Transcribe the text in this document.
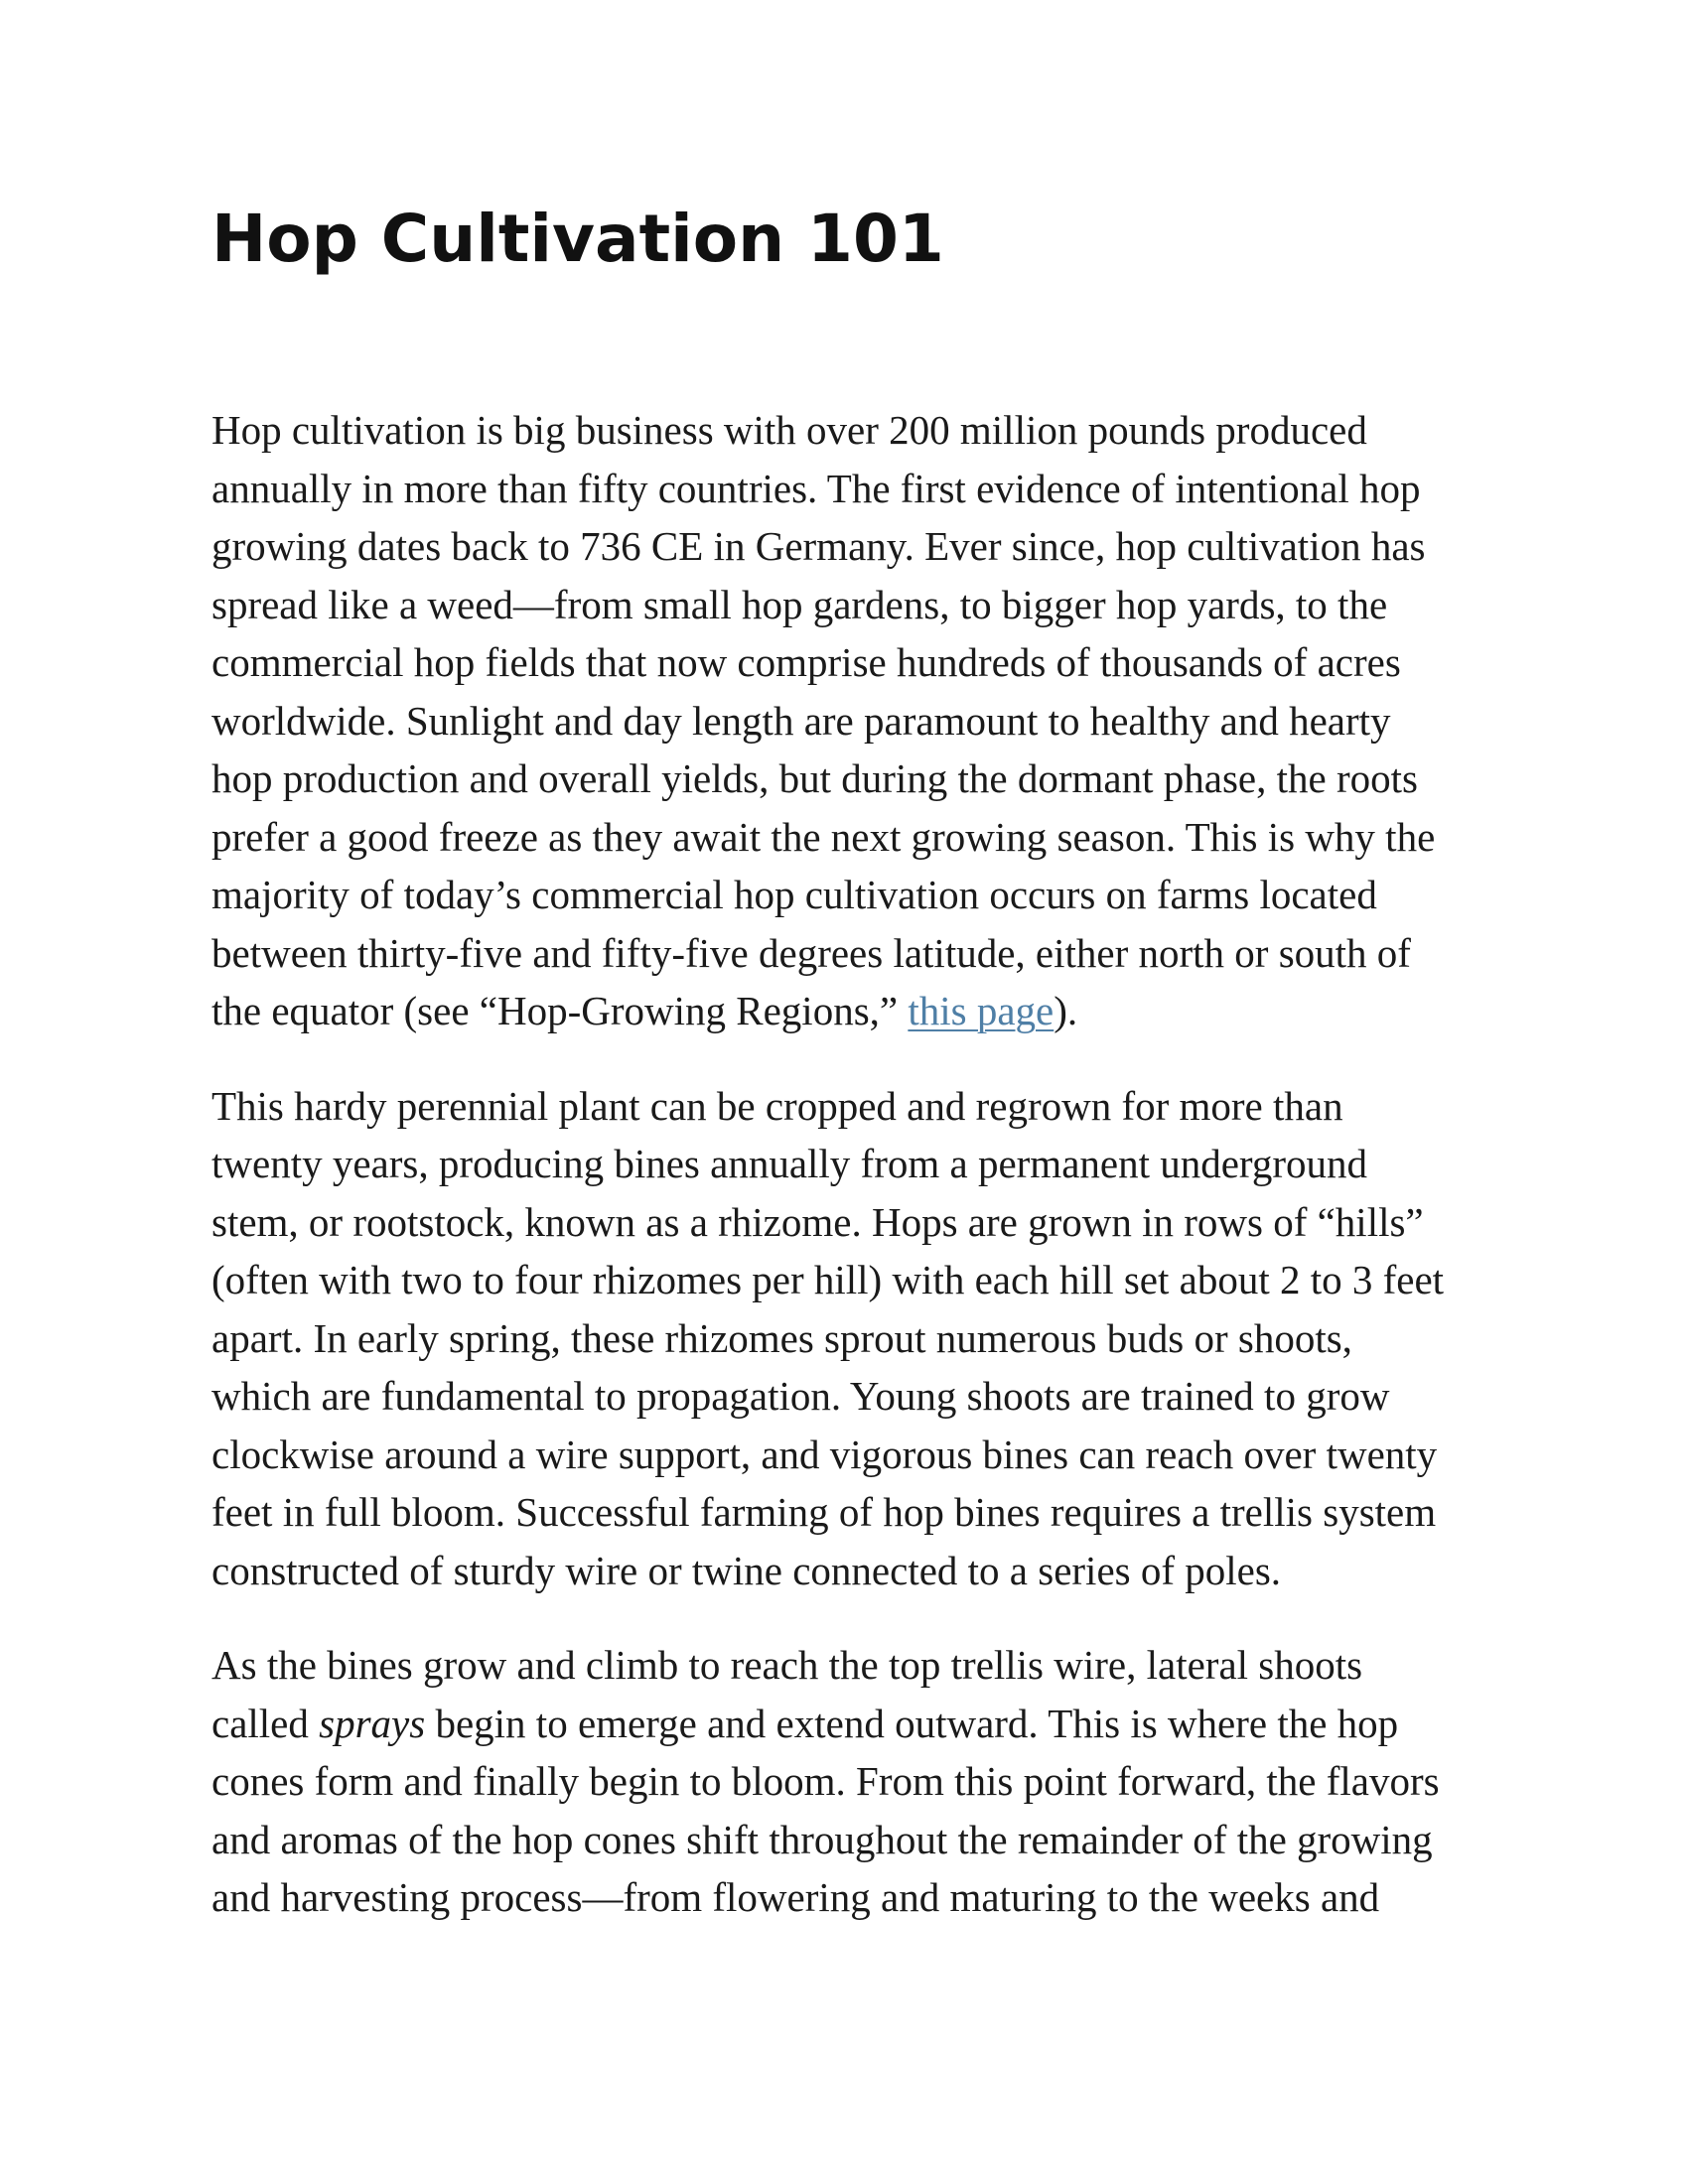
Hop Cultivation 101

Hop cultivation is big business with over 200 million pounds produced
annually in more than fifty countries. The first evidence of intentional hop
growing dates back to 736 CE in Germany. Ever since, hop cultivation has
spread like a weed—from small hop gardens, to bigger hop yards, to the
commercial hop fields that now comprise hundreds of thousands of acres
worldwide. Sunlight and day length are paramount to healthy and hearty
hop production and overall yields, but during the dormant phase, the roots
prefer a good freeze as they await the next growing season. This is why the
majority of today’s commercial hop cultivation occurs on farms located
between thirty-five and fifty-five degrees latitude, either north or south of
the equator (see “Hop-Growing Regions,” this page).

This hardy perennial plant can be cropped and regrown for more than
twenty years, producing bines annually from a permanent underground
stem, or rootstock, known as a rhizome. Hops are grown in rows of “hills”
(often with two to four rhizomes per hill) with each hill set about 2 to 3 feet
apart. In early spring, these rhizomes sprout numerous buds or shoots,
which are fundamental to propagation. Young shoots are trained to grow
clockwise around a wire support, and vigorous bines can reach over twenty
feet in full bloom. Successful farming of hop bines requires a trellis system
constructed of sturdy wire or twine connected to a series of poles.

As the bines grow and climb to reach the top trellis wire, lateral shoots
called sprays begin to emerge and extend outward. This is where the hop
cones form and finally begin to bloom. From this point forward, the flavors
and aromas of the hop cones shift throughout the remainder of the growing
and harvesting process—from flowering and maturing to the weeks and
